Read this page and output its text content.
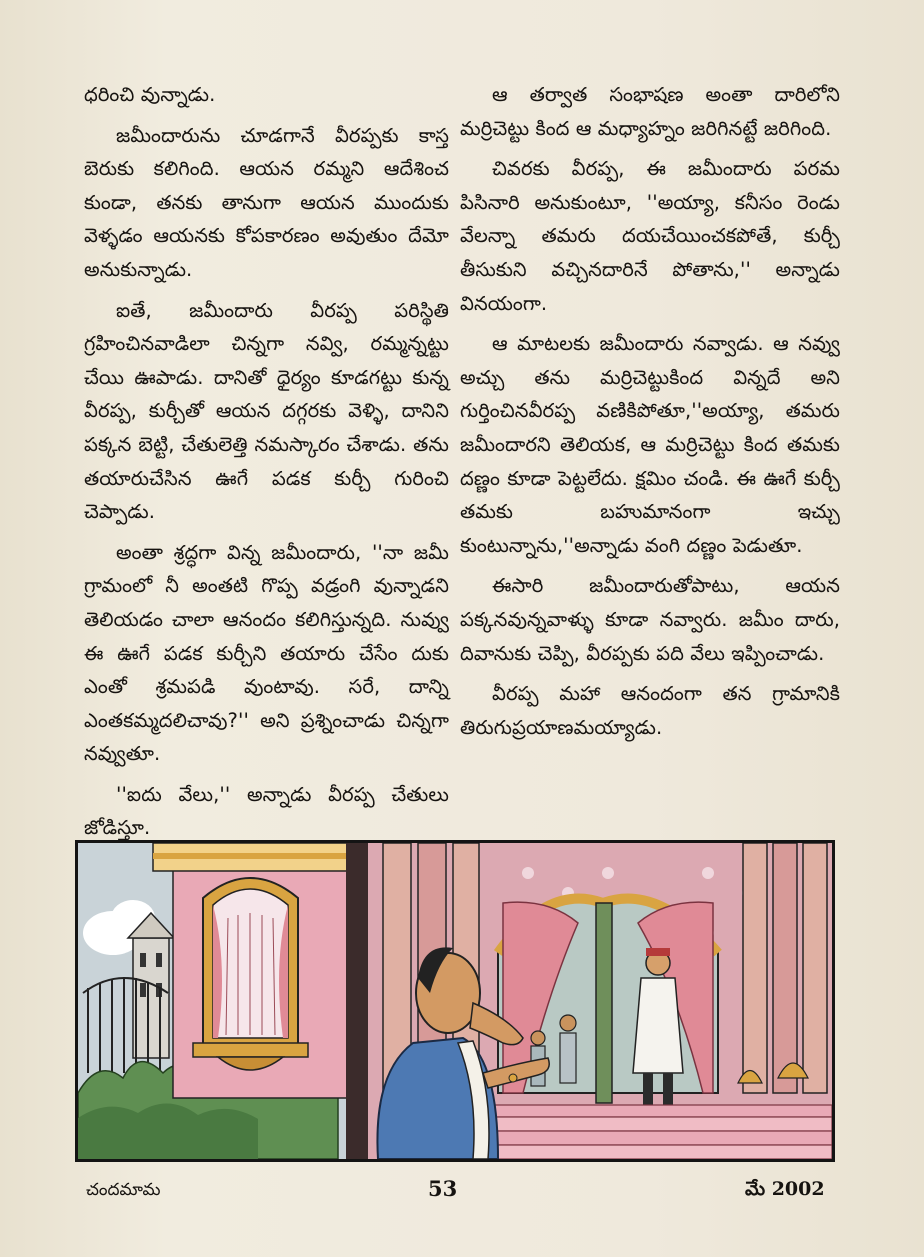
ధరించి వున్నాడు.

జమీందారును చూడగానే వీరప్పకు కాస్త బెరుకు కలిగింది. ఆయన రమ్మని ఆదేశించ కుండా, తనకు తానుగా ఆయన ముందుకు వెళ్ళడం ఆయనకు కోపకారణం అవుతుం దేమో అనుకున్నాడు.

ఐతే, జమీందారు వీరప్ప పరిస్థితి గ్రహించినవాడిలా చిన్నగా నవ్వి, రమ్మన్నట్టు చేయి ఊపాడు. దానితో ధైర్యం కూడగట్టు కున్న వీరప్ప, కుర్చీతో ఆయన దగ్గరకు వెళ్ళి, దానిని పక్కన బెట్టి, చేతులెత్తి నమస్కారం చేశాడు. తను తయారుచేసిన ఊగే పడక కుర్చీ గురించి చెప్పాడు.

అంతా శ్రద్ధగా విన్న జమీందారు, ''నా జమీ గ్రామంలో నీ అంతటి గొప్ప వడ్రంగి వున్నాడని తెలియడం చాలా ఆనందం కలిగిస్తున్నది. నువ్వు ఈ ఊగే పడక కుర్చీని తయారు చేసేం దుకు ఎంతో శ్రమపడి వుంటావు. సరే, దాన్ని ఎంతకమ్మదలిచావు?'' అని ప్రశ్నించాడు చిన్నగా నవ్వుతూ.

''ఐదు వేలు,'' అన్నాడు వీరప్ప చేతులు జోడిస్తూ.

ఆ తర్వాత సంభాషణ అంతా దారిలోని మర్రిచెట్టు కింద ఆ మధ్యాహ్నం జరిగినట్టే జరిగింది.

చివరకు వీరప్ప, ఈ జమీందారు పరమ పిసినారి అనుకుంటూ, ''అయ్యా, కనీసం రెండు వేలన్నా తమరు దయచేయించకపోతే, కుర్చీ తీసుకుని వచ్చినదారినే పోతాను,'' అన్నాడు వినయంగా.

ఆ మాటలకు జమీందారు నవ్వాడు. ఆ నవ్వు అచ్చు తను మర్రిచెట్టుకింద విన్నదే అని గుర్తించినవీరప్ప వణికిపోతూ,''అయ్యా, తమరు జమీందారని తెలియక, ఆ మర్రిచెట్టు కింద తమకు దణ్ణం కూడా పెట్టలేదు. క్షమిం చండి. ఈ ఊగే కుర్చీ తమకు బహుమానంగా ఇచ్చు కుంటున్నాను,''అన్నాడు వంగి దణ్ణం పెడుతూ.

ఈసారి జమీందారుతోపాటు, ఆయన పక్కనవున్నవాళ్ళు కూడా నవ్వారు. జమీం దారు, దివానుకు చెప్పి, వీరప్పకు పది వేలు ఇప్పించాడు.

వీరప్ప మహా ఆనందంగా తన గ్రామానికి తిరుగుప్రయాణమయ్యాడు.

చందమామ	53	మే 2002
